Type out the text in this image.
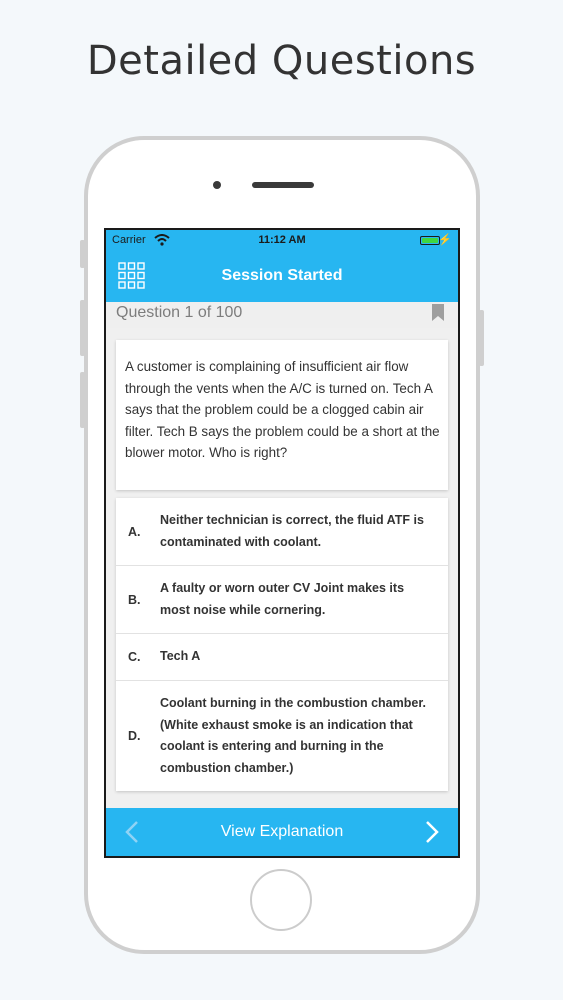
Detailed Questions
Carrier	11:12 AM	⚡
Session Started
Question 1 of 100
A customer is complaining of insufficient air flow through the vents when the A/C is turned on. Tech A says that the problem could be a clogged cabin air filter. Tech B says the problem could be a short at the blower motor. Who is right?
A.
Neither technician is correct, the fluid ATF is contaminated with coolant.
B.
A faulty or worn outer CV Joint makes its most noise while cornering.
C. Tech A
D.
Coolant burning in the combustion chamber. (White exhaust smoke is an indication that coolant is entering and burning in the combustion chamber.)
View Explanation
